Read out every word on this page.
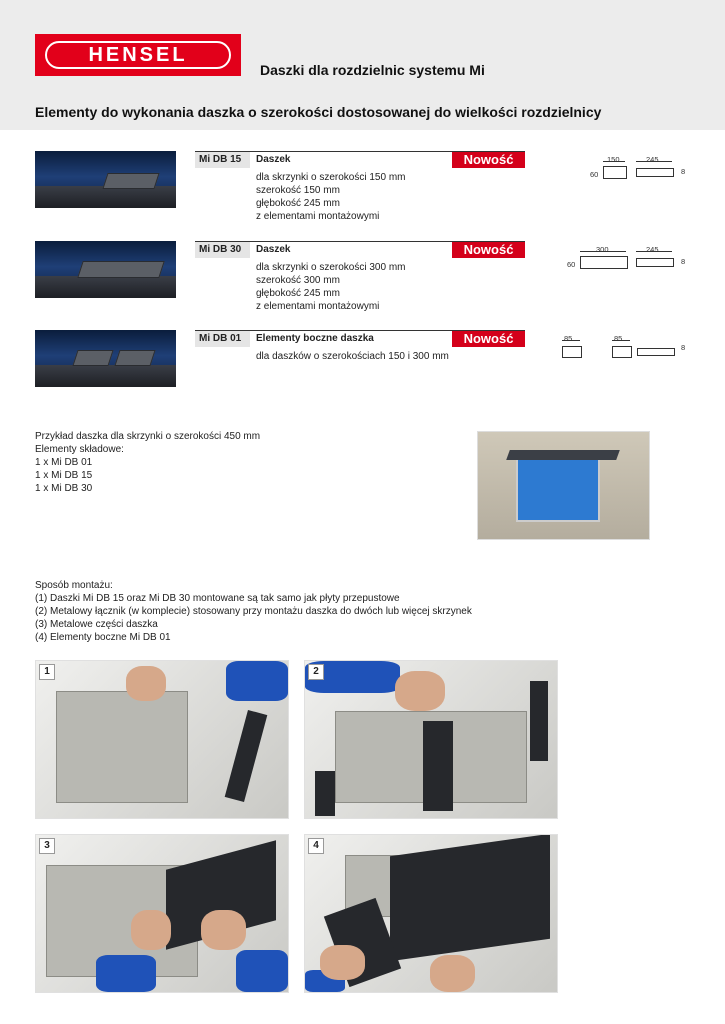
HENSEL
Daszki dla rozdzielnic systemu Mi
Elementy do wykonania daszka o szerokości dostosowanej do wielkości rozdzielnicy
Mi DB 15	Daszek	Nowość
dla skrzynki o szerokości 150 mm
szerokość 150 mm
głębokość 245 mm
z elementami montażowymi
150	245
60	8
Mi DB 30	Daszek	Nowość
dla skrzynki o szerokości 300 mm
szerokość 300 mm
głębokość 245 mm
z elementami montażowymi
300	245
60	8
Mi DB 01	Elementy boczne daszka	Nowość
dla daszków o szerokościach 150 i 300 mm
85	85
8
Przykład daszka dla skrzynki o szerokości 450 mm
Elementy składowe:
1 x Mi DB 01
1 x Mi DB 15
1 x Mi DB 30
Sposób montażu:
(1) Daszki Mi DB 15 oraz Mi DB 30 montowane są tak samo jak płyty przepustowe
(2) Metalowy łącznik (w komplecie) stosowany przy montażu daszka do dwóch lub więcej skrzynek
(3) Metalowe części daszka
(4) Elementy boczne Mi DB 01
1	2
3	4
